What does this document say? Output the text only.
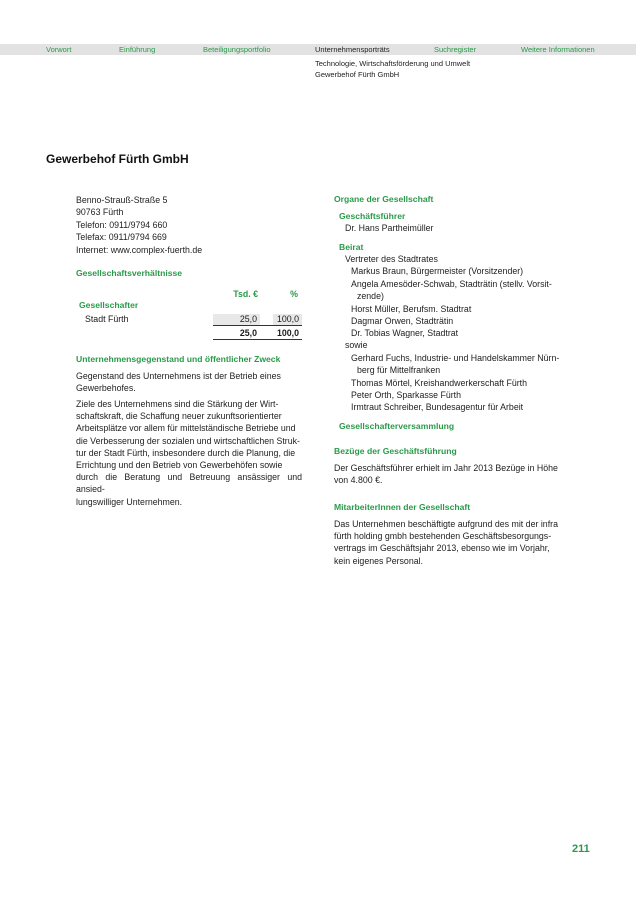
Vorwort	Einführung	Beteiligungsportfolio	Unternehmensporträts	Suchregister	Weitere Informationen
Technologie, Wirtschaftsförderung und Umwelt
Gewerbehof Fürth GmbH
Gewerbehof Fürth GmbH
Benno-Strauß-Straße 5
90763 Fürth
Telefon: 0911/9794 660
Telefax: 0911/9794 669
Internet: www.complex-fuerth.de
Gesellschaftsverhältnisse
Tsd. €	%
Gesellschafter
Stadt Fürth	25,0	100,0
25,0	100,0
Unternehmensgegenstand und öffentlicher Zweck
Gegenstand des Unternehmens ist der Betrieb eines
Gewerbehofes.
Ziele des Unternehmens sind die Stärkung der Wirt-
schaftskraft, die Schaffung neuer zukunftsorientierter
Arbeitsplätze vor allem für mittelständische Betriebe und
die Verbesserung der sozialen und wirtschaftlichen Struk-
tur der Stadt Fürth, insbesondere durch die Planung, die
Errichtung und den Betrieb von Gewerbehöfen sowie
durch die Beratung und Betreuung ansässiger und ansied-
lungswilliger Unternehmen.
Organe der Gesellschaft
Geschäftsführer
Dr. Hans Partheimüller
Beirat
Vertreter des Stadtrates
Markus Braun, Bürgermeister (Vorsitzender)
Angela Amesöder-Schwab, Stadträtin (stellv. Vorsit-
zende)
Horst Müller, Berufsm. Stadtrat
Dagmar Orwen, Stadträtin
Dr. Tobias Wagner, Stadtrat
sowie
Gerhard Fuchs, Industrie- und Handelskammer Nürn-
berg für Mittelfranken
Thomas Mörtel, Kreishandwerkerschaft Fürth
Peter Orth, Sparkasse Fürth
Irmtraut Schreiber, Bundesagentur für Arbeit
Gesellschafterversammlung
Bezüge der Geschäftsführung
Der Geschäftsführer erhielt im Jahr 2013 Bezüge in Höhe
von 4.800 €.
MitarbeiterInnen der Gesellschaft
Das Unternehmen beschäftigte aufgrund des mit der infra
fürth holding gmbh bestehenden Geschäftsbesorgungs-
vertrags im Geschäftsjahr 2013, ebenso wie im Vorjahr,
kein eigenes Personal.
211
